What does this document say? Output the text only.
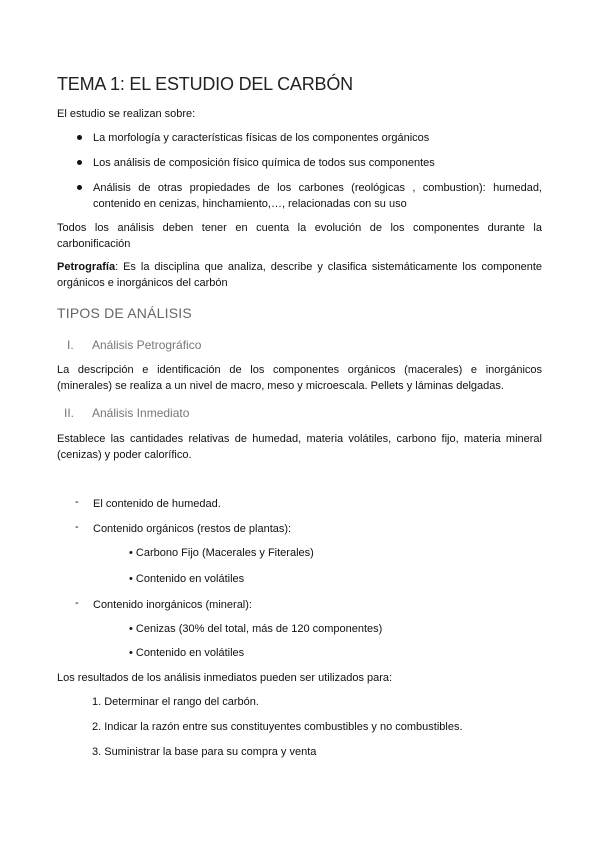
TEMA 1: EL ESTUDIO DEL CARBÓN
El estudio se realizan sobre:
La morfología y características físicas de los componentes orgánicos
Los análisis de composición físico química de todos sus componentes
Análisis de otras propiedades de los carbones (reológicas , combustion): humedad, contenido en cenizas, hinchamiento,…, relacionadas con su uso
Todos los análisis deben tener en cuenta la evolución de los componentes durante la carbonificación
Petrografía: Es la disciplina que analiza, describe y clasifica sistemáticamente los componente orgánicos e inorgánicos del carbón
TIPOS DE ANÁLISIS
I. Análisis Petrográfico
La descripción e identificación de los componentes orgánicos (macerales) e inorgánicos (minerales) se realiza a un nivel de macro, meso y microescala. Pellets y láminas delgadas.
II. Análisis Inmediato
Establece las cantidades relativas de humedad, materia volátiles, carbono fijo, materia mineral (cenizas) y poder calorífico.
- El contenido de humedad.
- Contenido orgánicos (restos de plantas):
• Carbono Fijo (Macerales y Fiterales)
• Contenido en volátiles
- Contenido inorgánicos (mineral):
• Cenizas (30% del total, más de 120 componentes)
• Contenido en volátiles
Los resultados de los análisis inmediatos pueden ser utilizados para:
1. Determinar el rango del carbón.
2. Indicar la razón entre sus constituyentes combustibles y no combustibles.
3. Suministrar la base para su compra y venta
